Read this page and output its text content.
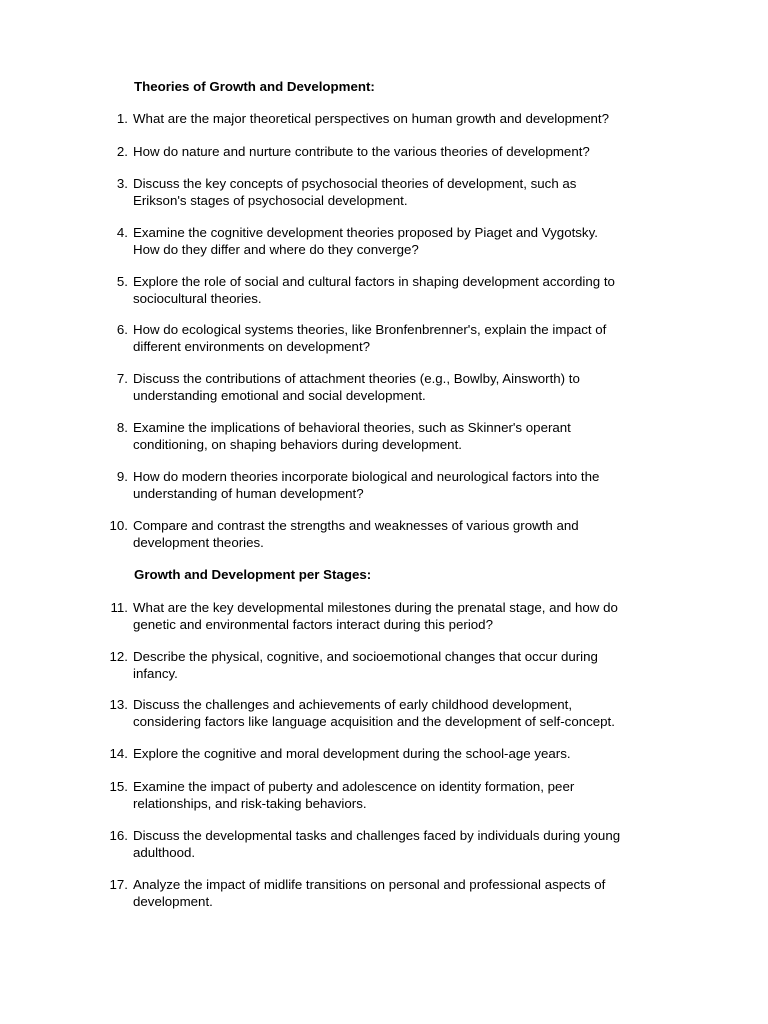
Theories of Growth and Development:
1. What are the major theoretical perspectives on human growth and development?
2. How do nature and nurture contribute to the various theories of development?
3. Discuss the key concepts of psychosocial theories of development, such as
Erikson's stages of psychosocial development.
4. Examine the cognitive development theories proposed by Piaget and Vygotsky.
How do they differ and where do they converge?
5. Explore the role of social and cultural factors in shaping development according to
sociocultural theories.
6. How do ecological systems theories, like Bronfenbrenner's, explain the impact of
different environments on development?
7. Discuss the contributions of attachment theories (e.g., Bowlby, Ainsworth) to
understanding emotional and social development.
8. Examine the implications of behavioral theories, such as Skinner's operant
conditioning, on shaping behaviors during development.
9. How do modern theories incorporate biological and neurological factors into the
understanding of human development?
10. Compare and contrast the strengths and weaknesses of various growth and
development theories.
Growth and Development per Stages:
11. What are the key developmental milestones during the prenatal stage, and how do
genetic and environmental factors interact during this period?
12. Describe the physical, cognitive, and socioemotional changes that occur during
infancy.
13. Discuss the challenges and achievements of early childhood development,
considering factors like language acquisition and the development of self-concept.
14. Explore the cognitive and moral development during the school-age years.
15. Examine the impact of puberty and adolescence on identity formation, peer
relationships, and risk-taking behaviors.
16. Discuss the developmental tasks and challenges faced by individuals during young
adulthood.
17. Analyze the impact of midlife transitions on personal and professional aspects of
development.
